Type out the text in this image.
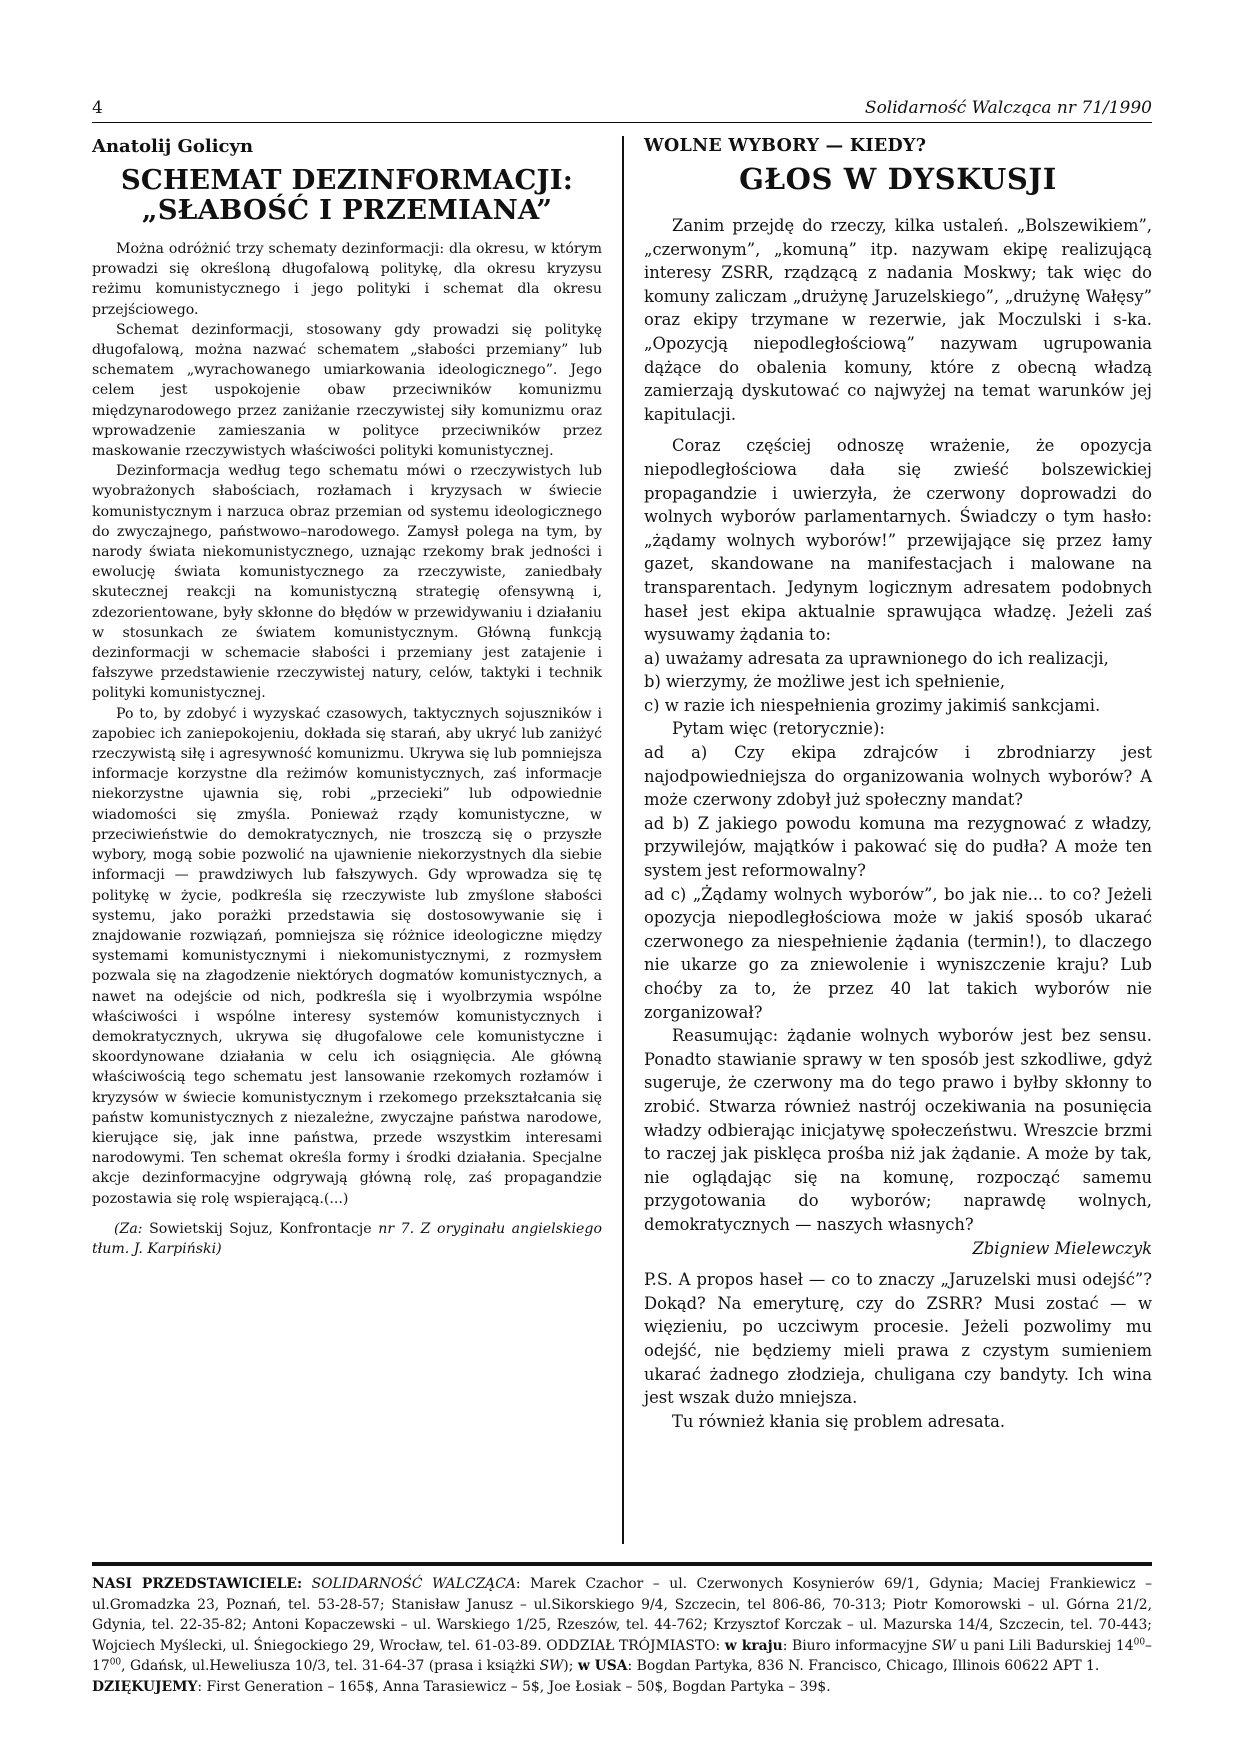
4	Solidarność Walcząca nr 71/1990
Anatolij Golicyn
SCHEMAT DEZINFORMACJI:
„SŁABOŚĆ I PRZEMIANA”

Można odróżnić trzy schematy dezinformacji: dla okresu, w którym prowadzi się określoną długofalową politykę, dla okresu kryzysu reżimu komunistycznego i jego polityki i schemat dla okresu przejściowego.

Schemat dezinformacji, stosowany gdy prowadzi się politykę długofalową, można nazwać schematem „słabości przemiany” lub schematem „wyrachowanego umiarkowania ideologicznego”. Jego celem jest uspokojenie obaw przeciwników komunizmu międzynarodowego przez zaniżanie rzeczywistej siły komunizmu oraz wprowadzenie zamieszania w polityce przeciwników przez maskowanie rzeczywistych właściwości polityki komunistycznej.

Dezinformacja według tego schematu mówi o rzeczywistych lub wyobrażonych słabościach, rozłamach i kryzysach w świecie komunistycznym i narzuca obraz przemian od systemu ideologicznego do zwyczajnego, państwowo–narodowego. Zamysł polega na tym, by narody świata niekomunistycznego, uznając rzekomy brak jedności i ewolucję świata komunistycznego za rzeczywiste, zaniedbały skutecznej reakcji na komunistyczną strategię ofensywną i, zdezorientowane, były skłonne do błędów w przewidywaniu i działaniu w stosunkach ze światem komunistycznym. Główną funkcją dezinformacji w schemacie słabości i przemiany jest zatajenie i fałszywe przedstawienie rzeczywistej natury, celów, taktyki i technik polityki komunistycznej.

Po to, by zdobyć i wyzyskać czasowych, taktycznych sojuszników i zapobiec ich zaniepokojeniu, dokłada się starań, aby ukryć lub zaniżyć rzeczywistą siłę i agresywność komunizmu. Ukrywa się lub pomniejsza informacje korzystne dla reżimów komunistycznych, zaś informacje niekorzystne ujawnia się, robi „przecieki” lub odpowiednie wiadomości się zmyśla. Ponieważ rządy komunistyczne, w przeciwieństwie do demokratycznych, nie troszczą się o przyszłe wybory, mogą sobie pozwolić na ujawnienie niekorzystnych dla siebie informacji — prawdziwych lub fałszywych. Gdy wprowadza się tę politykę w życie, podkreśla się rzeczywiste lub zmyślone słabości systemu, jako porażki przedstawia się dostosowywanie się i znajdowanie rozwiązań, pomniejsza się różnice ideologiczne między systemami komunistycznymi i niekomunistycznymi, z rozmysłem pozwala się na złagodzenie niektórych dogmatów komunistycznych, a nawet na odejście od nich, podkreśla się i wyolbrzymia wspólne właściwości i wspólne interesy systemów komunistycznych i demokratycznych, ukrywa się długofalowe cele komunistyczne i skoordynowane działania w celu ich osiągnięcia. Ale główną właściwością tego schematu jest lansowanie rzekomych rozłamów i kryzysów w świecie komunistycznym i rzekomego przekształcania się państw komunistycznych z niezależne, zwyczajne państwa narodowe, kierujące się, jak inne państwa, przede wszystkim interesami narodowymi. Ten schemat określa formy i środki działania. Specjalne akcje dezinformacyjne odgrywają główną rolę, zaś propagandzie pozostawia się rolę wspierającą.(...)

(Za: Sowietskij Sojuz, Konfrontacje nr 7. Z oryginału angielskiego tłum. J. Karpiński)

WOLNE WYBORY — KIEDY?
GŁOS W DYSKUSJI

Zanim przejdę do rzeczy, kilka ustaleń. „Bolszewikiem”, „czerwonym”, „komuną” itp. nazywam ekipę realizującą interesy ZSRR, rządzącą z nadania Moskwy; tak więc do komuny zaliczam „drużynę Jaruzelskiego”, „drużynę Wałęsy” oraz ekipy trzymane w rezerwie, jak Moczulski i s-ka. „Opozycją niepodległościową” nazywam ugrupowania dążące do obalenia komuny, które z obecną władzą zamierzają dyskutować co najwyżej na temat warunków jej kapitulacji.

Coraz częściej odnoszę wrażenie, że opozycja niepodległościowa dała się zwieść bolszewickiej propagandzie i uwierzyła, że czerwony doprowadzi do wolnych wyborów parlamentarnych. Świadczy o tym hasło: „żądamy wolnych wyborów!” przewijające się przez łamy gazet, skandowane na manifestacjach i malowane na transparentach. Jedynym logicznym adresatem podobnych haseł jest ekipa aktualnie sprawująca władzę. Jeżeli zaś wysuwamy żądania to:

a) uważamy adresata za uprawnionego do ich realizacji,

b) wierzymy, że możliwe jest ich spełnienie,

c) w razie ich niespełnienia grozimy jakimiś sankcjami.

Pytam więc (retorycznie):

ad a) Czy ekipa zdrajców i zbrodniarzy jest najodpowiedniejsza do organizowania wolnych wyborów? A może czerwony zdobył już społeczny mandat?

ad b) Z jakiego powodu komuna ma rezygnować z władzy, przywilejów, majątków i pakować się do pudła? A może ten system jest reformowalny?

ad c) „Żądamy wolnych wyborów”, bo jak nie... to co? Jeżeli opozycja niepodległościowa może w jakiś sposób ukarać czerwonego za niespełnienie żądania (termin!), to dlaczego nie ukarze go za zniewolenie i wyniszczenie kraju? Lub choćby za to, że przez 40 lat takich wyborów nie zorganizował?

Reasumując: żądanie wolnych wyborów jest bez sensu. Ponadto stawianie sprawy w ten sposób jest szkodliwe, gdyż sugeruje, że czerwony ma do tego prawo i byłby skłonny to zrobić. Stwarza również nastrój oczekiwania na posunięcia władzy odbierając inicjatywę społeczeństwu. Wreszcie brzmi to raczej jak pisklęca prośba niż jak żądanie. A może by tak, nie oglądając się na komunę, rozpocząć samemu przygotowania do wyborów; naprawdę wolnych, demokratycznych — naszych własnych?

Zbigniew Mielewczyk

P.S. A propos haseł — co to znaczy „Jaruzelski musi odejść”? Dokąd? Na emeryturę, czy do ZSRR? Musi zostać — w więzieniu, po uczciwym procesie. Jeżeli pozwolimy mu odejść, nie będziemy mieli prawa z czystym sumieniem ukarać żadnego złodzieja, chuligana czy bandyty. Ich wina jest wszak dużo mniejsza.

Tu również kłania się problem adresata.

NASI PRZEDSTAWICIELE: SOLIDARNOŚĆ WALCZĄCA: Marek Czachor – ul. Czerwonych Kosynierów 69/1, Gdynia; Maciej Frankiewicz – ul.Gromadzka 23, Poznań, tel. 53-28-57; Stanisław Janusz – ul.Sikorskiego 9/4, Szczecin, tel 806-86, 70-313; Piotr Komorowski – ul. Górna 21/2, Gdynia, tel. 22-35-82; Antoni Kopaczewski – ul. Warskiego 1/25, Rzeszów, tel. 44-762; Krzysztof Korczak – ul. Mazurska 14/4, Szczecin, tel. 70-443; Wojciech Myślecki, ul. Śniegockiego 29, Wrocław, tel. 61-03-89. ODDZIAŁ TRÓJMIASTO: w kraju: Biuro informacyjne SW u pani Lili Badurskiej $14^{00}-17^{00}$, Gdańsk, ul.Heweliusza 10/3, tel. 31-64-37 (prasa i książki SW); w USA: Bogdan Partyka, 836 N. Francisco, Chicago, Illinois 60622 APT 1.

DZIĘKUJEMY: First Generation – 165$, Anna Tarasiewicz – 5$, Joe Łosiak – 50$, Bogdan Partyka – 39$.
